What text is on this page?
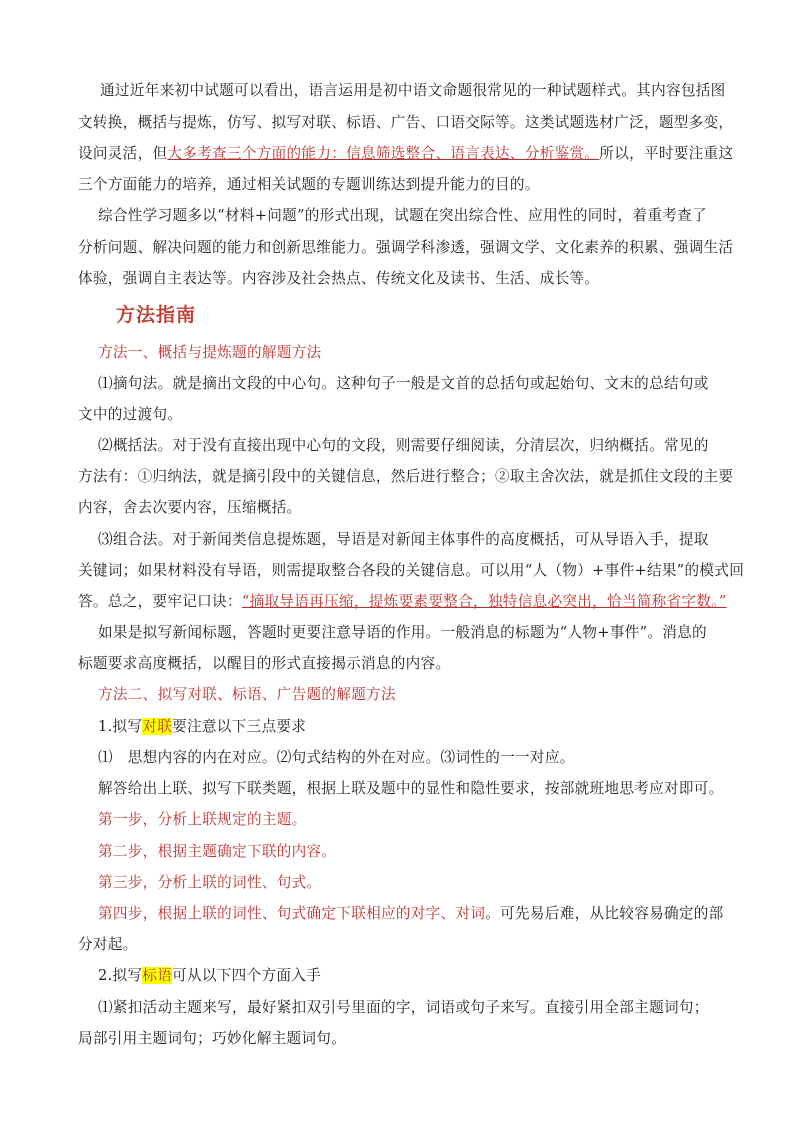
通过近年来初中试题可以看出，语言运用是初中语文命题很常见的一种试题样式。其内容包括图
文转换，概括与提炼，仿写、拟写对联、标语、广告、口语交际等。这类试题选材广泛，题型多变，
设问灵活，但大多考查三个方面的能力：信息筛选整合、语言表达、分析鉴赏。所以，平时要注重这
三个方面能力的培养，通过相关试题的专题训练达到提升能力的目的。
综合性学习题多以“材料+问题”的形式出现，试题在突出综合性、应用性的同时，着重考查了
分析问题、解决问题的能力和创新思维能力。强调学科渗透，强调文学、文化素养的积累、强调生活
体验，强调自主表达等。内容涉及社会热点、传统文化及读书、生活、成长等。
方法指南
方法一、概括与提炼题的解题方法
⑴摘句法。就是摘出文段的中心句。这种句子一般是文首的总括句或起始句、文末的总结句或
文中的过渡句。
⑵概括法。对于没有直接出现中心句的文段，则需要仔细阅读，分清层次，归纳概括。常见的
方法有：①归纳法，就是摘引段中的关键信息，然后进行整合；②取主舍次法，就是抓住文段的主要
内容，舍去次要内容，压缩概括。
⑶组合法。对于新闻类信息提炼题，导语是对新闻主体事件的高度概括，可从导语入手，提取
关键词；如果材料没有导语，则需提取整合各段的关键信息。可以用“人（物）+事件+结果”的模式回
答。总之，要牢记口诀：“摘取导语再压缩，提炼要素要整合，独特信息必突出，恰当简称省字数。”
如果是拟写新闻标题，答题时更要注意导语的作用。一般消息的标题为“人物+事件”。消息的
标题要求高度概括，以醒目的形式直接揭示消息的内容。
方法二、拟写对联、标语、广告题的解题方法
1.拟写对联要注意以下三点要求
⑴　思想内容的内在对应。⑵句式结构的外在对应。⑶词性的一一对应。
解答给出上联、拟写下联类题，根据上联及题中的显性和隐性要求，按部就班地思考应对即可。
第一步，分析上联规定的主题。
第二步，根据主题确定下联的内容。
第三步，分析上联的词性、句式。
第四步，根据上联的词性、句式确定下联相应的对字、对词。可先易后难，从比较容易确定的部
分对起。
2.拟写标语可从以下四个方面入手
⑴紧扣活动主题来写，最好紧扣双引号里面的字，词语或句子来写。直接引用全部主题词句；
局部引用主题词句；巧妙化解主题词句。
